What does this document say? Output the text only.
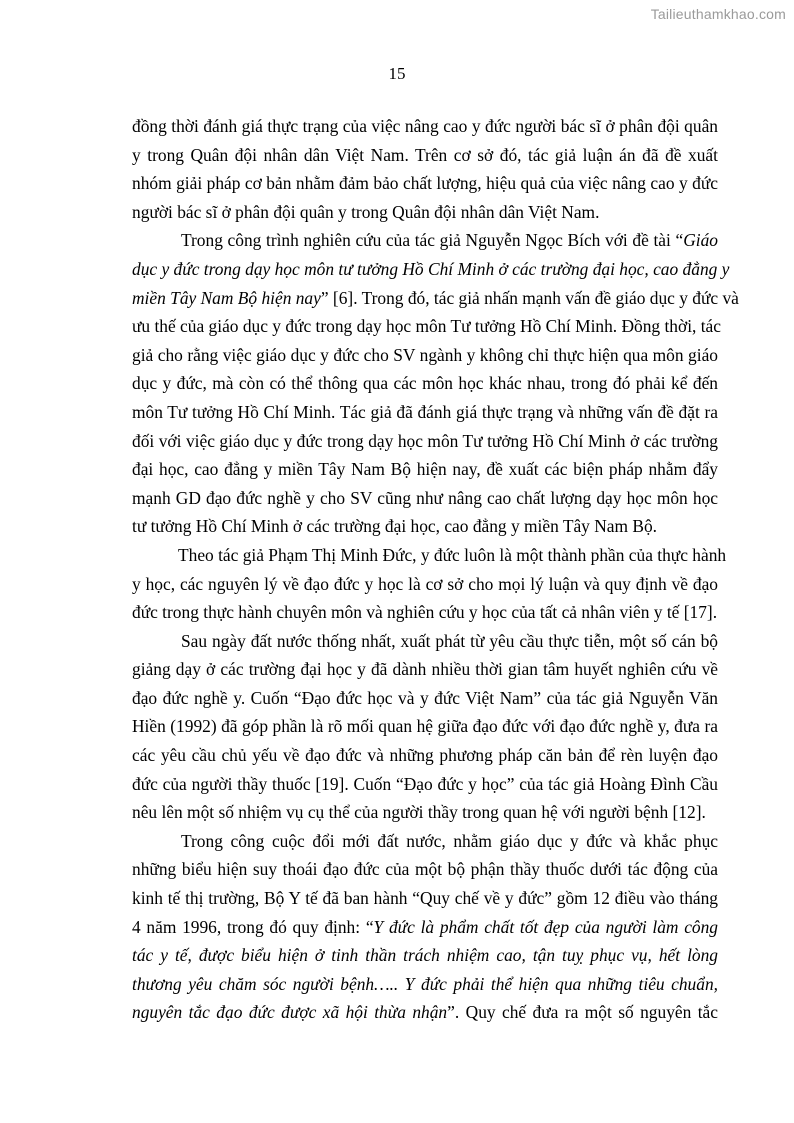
Tailieuthamkhao.com
15
đồng thời đánh giá thực trạng của việc nâng cao y đức người bác sĩ ở phân đội quân
y trong Quân đội nhân dân Việt Nam. Trên cơ sở đó, tác giả luận án đã đề xuất
nhóm giải pháp cơ bản nhằm đảm bảo chất lượng, hiệu quả của việc nâng cao y đức
người bác sĩ ở phân đội quân y trong Quân đội nhân dân Việt Nam.
Trong công trình nghiên cứu của tác giả Nguyễn Ngọc Bích với đề tài “Giáo
dục y đức trong dạy học môn tư tưởng Hồ Chí Minh ở các trường đại học, cao đẳng y
miền Tây Nam Bộ hiện nay” [6]. Trong đó, tác giả nhấn mạnh vấn đề giáo dục y đức và
ưu thế của giáo dục y đức trong dạy học môn Tư tưởng Hồ Chí Minh. Đồng thời, tác
giả cho rằng việc giáo dục y đức cho SV ngành y không chỉ thực hiện qua môn giáo
dục y đức, mà còn có thể thông qua các môn học khác nhau, trong đó phải kể đến
môn Tư tưởng Hồ Chí Minh. Tác giả đã đánh giá thực trạng và những vấn đề đặt ra
đối với việc giáo dục y đức trong dạy học môn Tư tưởng Hồ Chí Minh ở các trường
đại học, cao đẳng y miền Tây Nam Bộ hiện nay, đề xuất các biện pháp nhằm đẩy
mạnh GD đạo đức nghề y cho SV cũng như nâng cao chất lượng dạy học môn học
tư tưởng Hồ Chí Minh ở các trường đại học, cao đẳng y miền Tây Nam Bộ.
Theo tác giả Phạm Thị Minh Đức, y đức luôn là một thành phần của thực hành
y học, các nguyên lý về đạo đức y học là cơ sở cho mọi lý luận và quy định về đạo
đức trong thực hành chuyên môn và nghiên cứu y học của tất cả nhân viên y tế [17].
Sau ngày đất nước thống nhất, xuất phát từ yêu cầu thực tiễn, một số cán bộ
giảng dạy ở các trường đại học y đã dành nhiều thời gian tâm huyết nghiên cứu về
đạo đức nghề y. Cuốn “Đạo đức học và y đức Việt Nam” của tác giả Nguyễn Văn
Hiền (1992) đã góp phần là rõ mối quan hệ giữa đạo đức với đạo đức nghề y, đưa ra
các yêu cầu chủ yếu về đạo đức và những phương pháp căn bản để rèn luyện đạo
đức của người thầy thuốc [19]. Cuốn “Đạo đức y học” của tác giả Hoàng Đình Cầu
nêu lên một số nhiệm vụ cụ thể của người thầy trong quan hệ với người bệnh [12].
Trong công cuộc đổi mới đất nước, nhằm giáo dục y đức và khắc phục
những biểu hiện suy thoái đạo đức của một bộ phận thầy thuốc dưới tác động của
kinh tế thị trường, Bộ Y tế đã ban hành “Quy chế về y đức” gồm 12 điều vào tháng
4 năm 1996, trong đó quy định: “Y đức là phẩm chất tốt đẹp của người làm công
tác y tế, được biểu hiện ở tinh thần trách nhiệm cao, tận tuỵ phục vụ, hết lòng
thương yêu chăm sóc người bệnh….. Y đức phải thể hiện qua những tiêu chuẩn,
nguyên tắc đạo đức được xã hội thừa nhận”. Quy chế đưa ra một số nguyên tắc
